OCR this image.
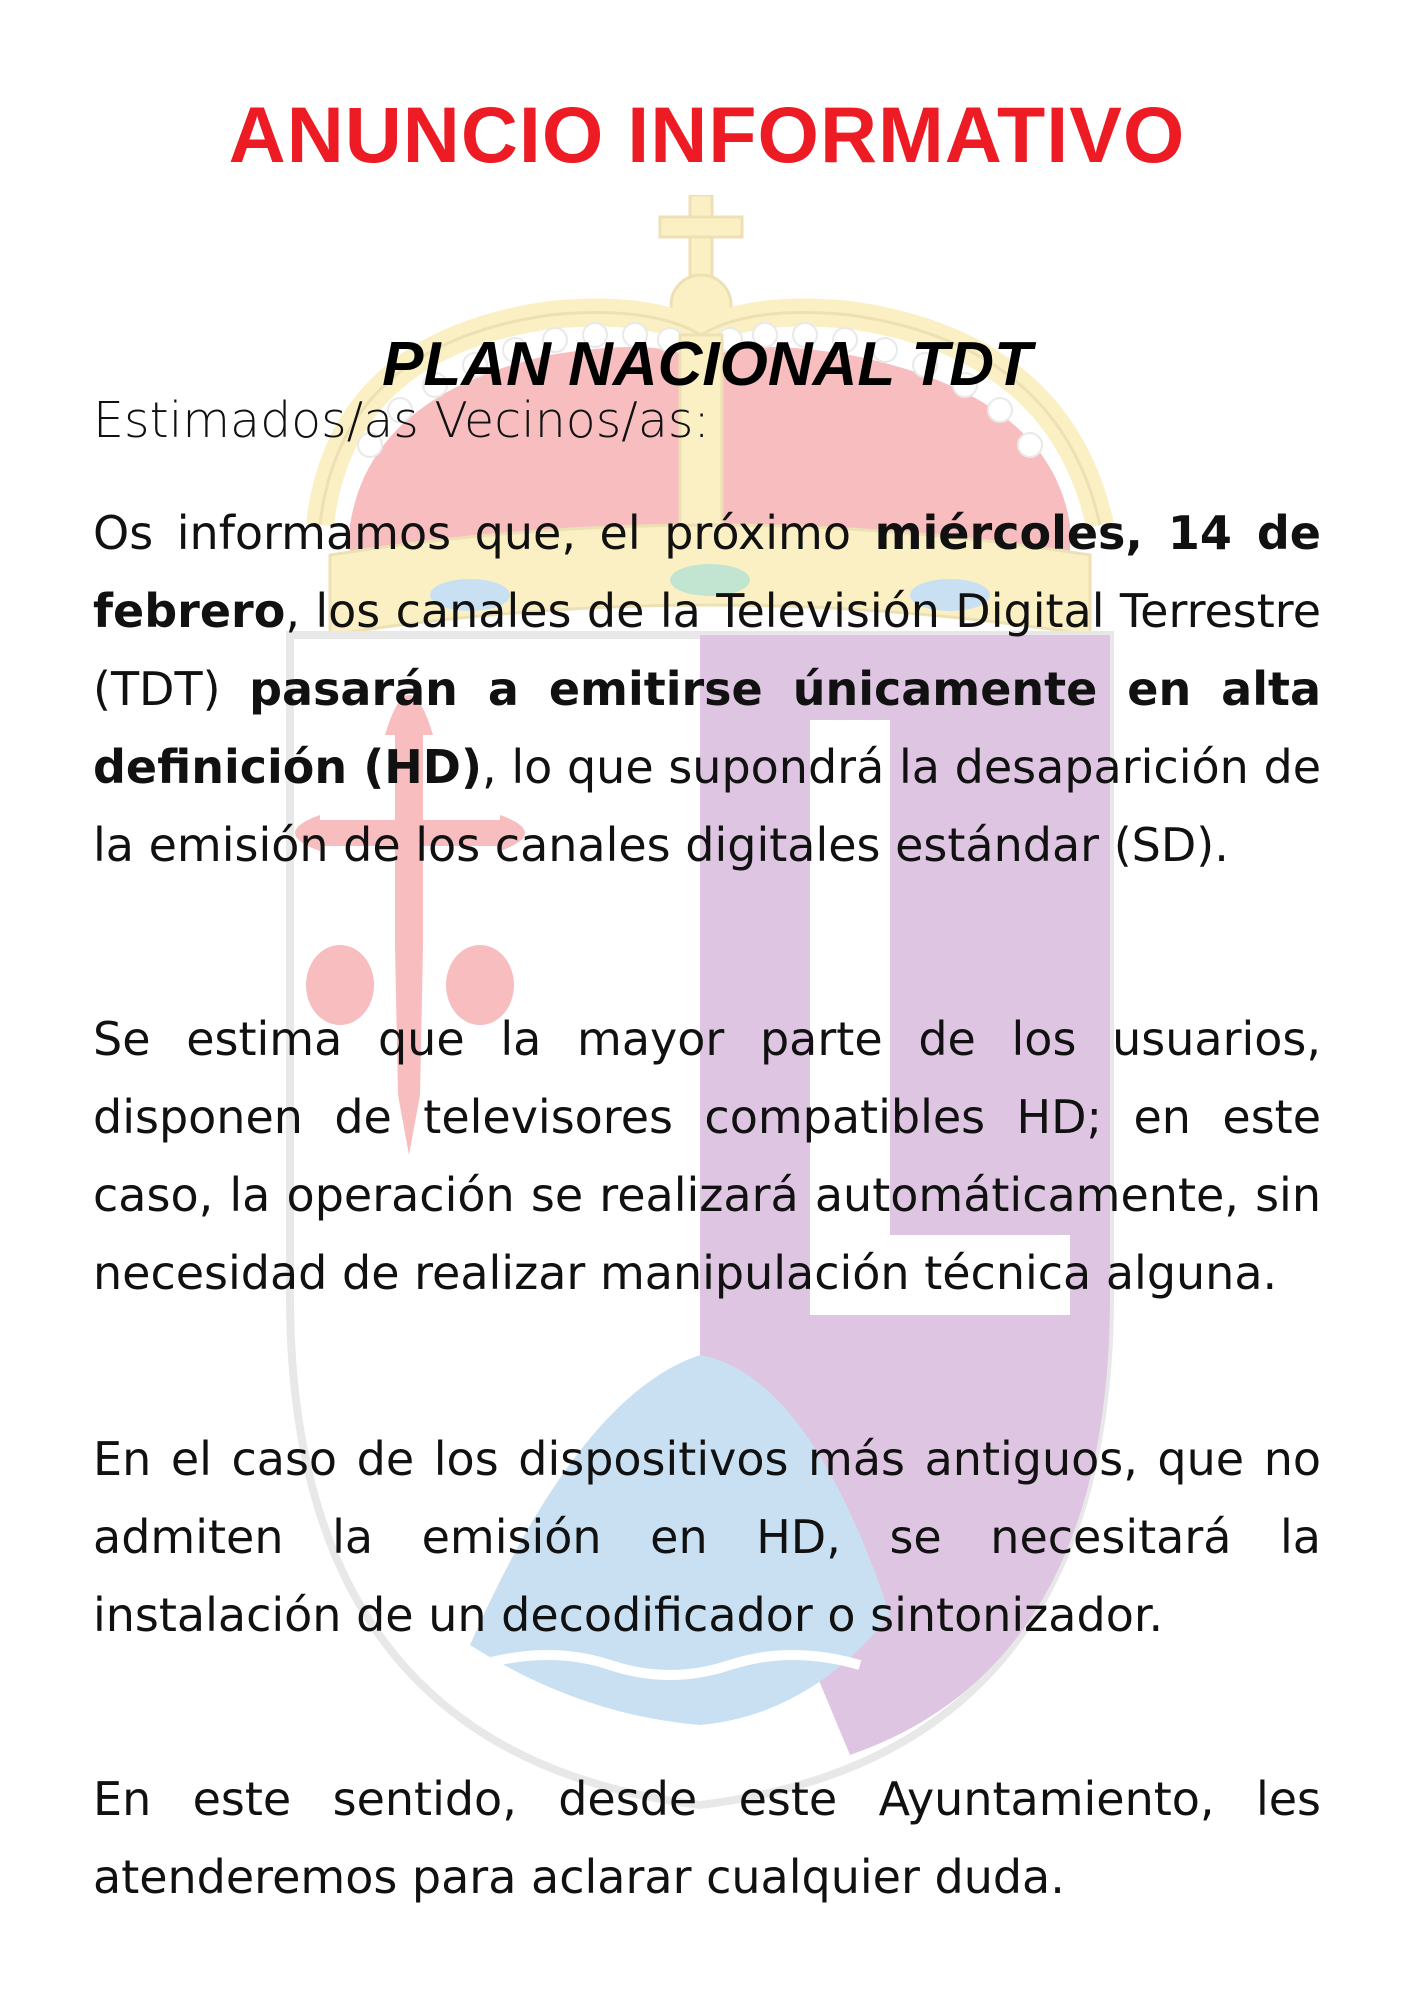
ANUNCIO INFORMATIVO
PLAN NACIONAL TDT

Estimados/as Vecinos/as:

Os informamos que, el próximo miércoles, 14 de febrero, los canales de la Televisión Digital Terrestre (TDT) pasarán a emitirse únicamente en alta definición (HD), lo que supondrá la desaparición de la emisión de los canales digitales estándar (SD).

Se estima que la mayor parte de los usuarios, disponen de televisores compatibles HD; en este caso, la operación se realizará automáticamente, sin necesidad de realizar manipulación técnica alguna.

En el caso de los dispositivos más antiguos, que no admiten la emisión en HD, se necesitará la instalación de un decodificador o sintonizador.

En este sentido, desde este Ayuntamiento, les atenderemos para aclarar cualquier duda.
